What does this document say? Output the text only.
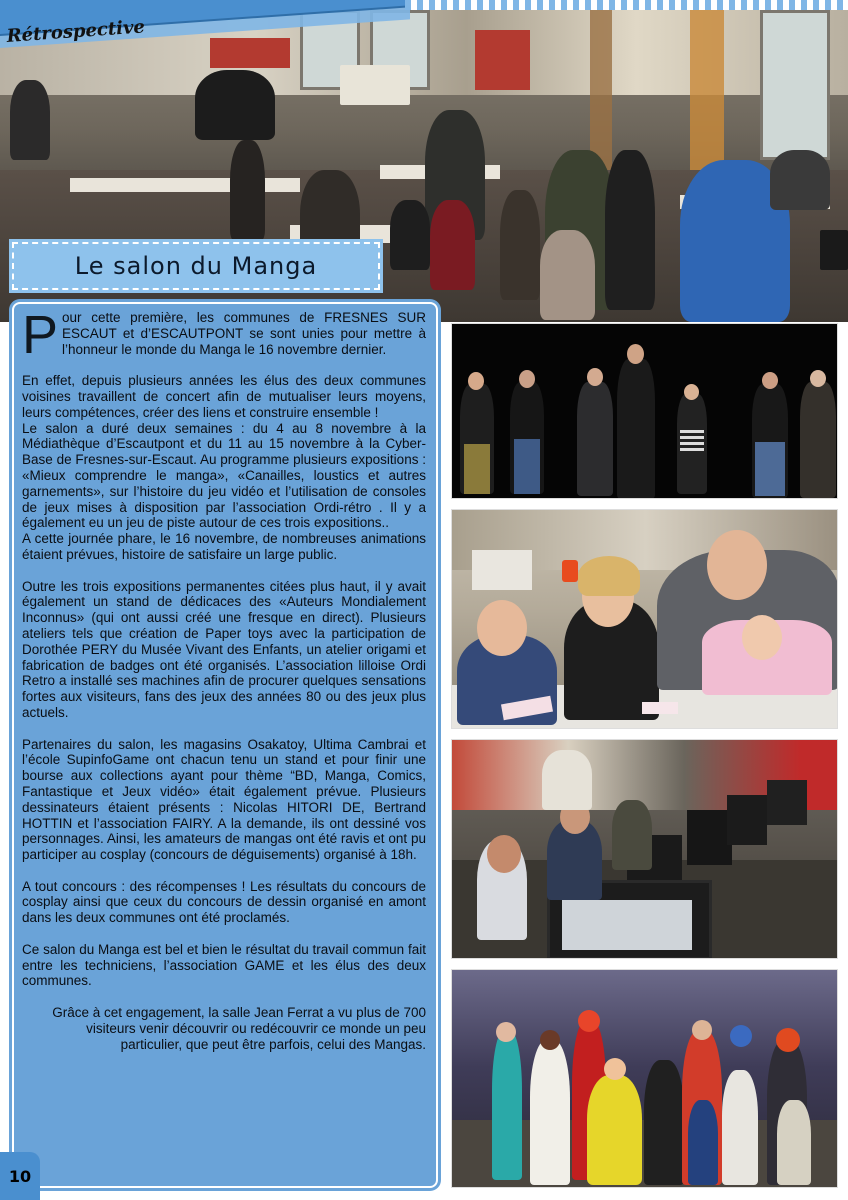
Rétrospective
Le salon du Manga

Pour cette première, les communes de FRESNES SUR ESCAUT et d’ESCAUTPONT se sont unies pour mettre à l’honneur le monde du Manga le 16 novembre dernier.

En effet, depuis plusieurs années les élus des deux communes voisines travaillent de concert afin de mutualiser leurs moyens, leurs compétences, créer des liens et construire ensemble !

Le salon a duré deux semaines : du 4 au 8 novembre à la Médiathèque d’Escautpont et du 11 au 15 novembre à la Cyber-Base de Fresnes-sur-Escaut. Au programme plusieurs expositions : «Mieux comprendre le manga», «Canailles, loustics et autres garnements», sur l’histoire du jeu vidéo et l’utilisation de consoles de jeux mises à disposition par l’association Ordi-rétro . Il y a également eu un jeu de piste autour de ces trois expositions..

A cette journée phare, le 16 novembre, de nombreuses animations étaient prévues, histoire de satisfaire un large public.

Outre les trois expositions permanentes citées plus haut, il y avait également un stand de dédicaces des «Auteurs Mondialement Inconnus» (qui ont aussi créé une fresque en direct). Plusieurs ateliers tels que création de Paper toys avec la participation de Dorothée PERY du Musée Vivant des Enfants, un atelier origami et fabrication de badges ont été organisés. L’association lilloise Ordi Retro a installé ses machines afin de procurer quelques sensations fortes aux visiteurs, fans des jeux des années 80 ou des jeux plus actuels.

Partenaires du salon, les magasins Osakatoy, Ultima Cambrai et l’école SupinfoGame ont chacun tenu un stand et pour finir une bourse aux collections ayant pour thème “BD, Manga, Comics, Fantastique et Jeux vidéo» était également prévue. Plusieurs dessinateurs étaient présents : Nicolas HITORI DE, Bertrand HOTTIN et l’association FAIRY. A la demande, ils ont dessiné vos personnages. Ainsi, les amateurs de mangas ont été ravis et ont pu participer au cosplay (concours de déguisements) organisé à 18h.

A tout concours : des récompenses ! Les résultats du concours de cosplay ainsi que ceux du concours de dessin organisé en amont dans les deux communes ont été proclamés.

Ce salon du Manga est bel et bien le résultat du travail commun fait entre les techniciens, l’association GAME et les élus des deux communes.

Grâce à cet engagement, la salle Jean Ferrat a vu plus de 700 visiteurs venir découvrir ou redécouvrir ce monde un peu particulier, que peut être parfois, celui des Mangas.

10
